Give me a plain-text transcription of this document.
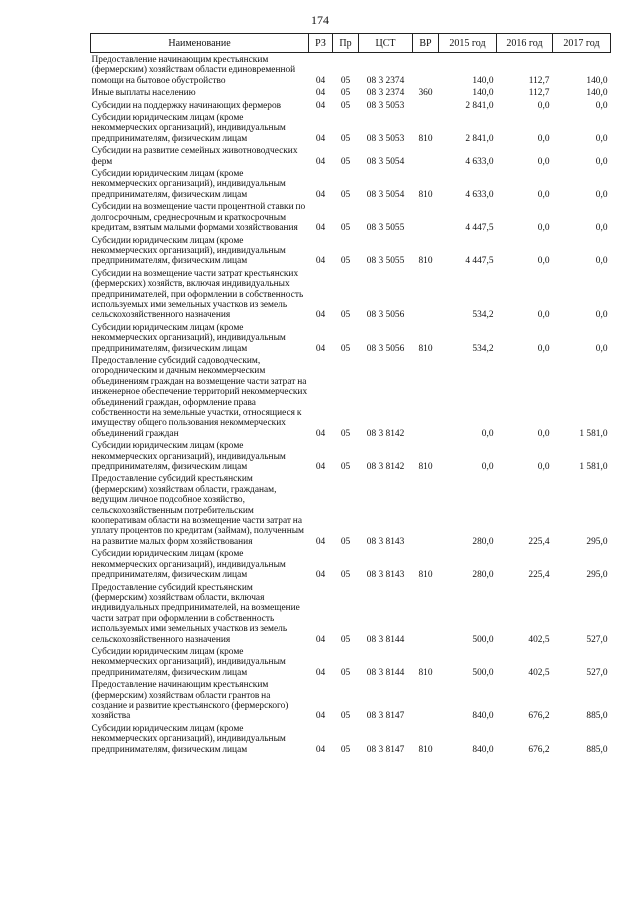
174
Наименование	РЗ	Пр	ЦСТ	ВР	2015 год	2016 год	2017 год
Предоставление начинающим крестьянским (фермерским) хозяйствам области единовременной помощи на бытовое обустройство	04	05	08 3 2374		140,0	112,7	140,0
Иные выплаты населению	04	05	08 3 2374	360	140,0	112,7	140,0
Субсидии на поддержку начинающих фермеров	04	05	08 3 5053		2 841,0	0,0	0,0
Субсидии юридическим лицам (кроме некоммерческих организаций), индивидуальным предпринимателям, физическим лицам	04	05	08 3 5053	810	2 841,0	0,0	0,0
Субсидии на развитие семейных животноводческих ферм	04	05	08 3 5054		4 633,0	0,0	0,0
Субсидии юридическим лицам (кроме некоммерческих организаций), индивидуальным предпринимателям, физическим лицам	04	05	08 3 5054	810	4 633,0	0,0	0,0
Субсидии на возмещение части процентной ставки по долгосрочным, среднесрочным и краткосрочным кредитам, взятым малыми формами хозяйствования	04	05	08 3 5055		4 447,5	0,0	0,0
Субсидии юридическим лицам (кроме некоммерческих организаций), индивидуальным предпринимателям, физическим лицам	04	05	08 3 5055	810	4 447,5	0,0	0,0
Субсидии на возмещение части затрат крестьянских (фермерских) хозяйств, включая индивидуальных предпринимателей, при оформлении в собственность используемых ими земельных участков из земель сельскохозяйственного назначения	04	05	08 3 5056		534,2	0,0	0,0
Субсидии юридическим лицам (кроме некоммерческих организаций), индивидуальным предпринимателям, физическим лицам	04	05	08 3 5056	810	534,2	0,0	0,0
Предоставление субсидий садоводческим, огородническим и дачным некоммерческим объединениям граждан на возмещение части затрат на инженерное обеспечение территорий некоммерческих объединений граждан, оформление права собственности на земельные участки, относящиеся к имуществу общего пользования некоммерческих объединений граждан	04	05	08 3 8142		0,0	0,0	1 581,0
Субсидии юридическим лицам (кроме некоммерческих организаций), индивидуальным предпринимателям, физическим лицам	04	05	08 3 8142	810	0,0	0,0	1 581,0
Предоставление субсидий крестьянским (фермерским) хозяйствам области, гражданам, ведущим личное подсобное хозяйство, сельскохозяйственным потребительским кооперативам области на возмещение части затрат на уплату процентов по кредитам (займам), полученным на развитие малых форм хозяйствования	04	05	08 3 8143		280,0	225,4	295,0
Субсидии юридическим лицам (кроме некоммерческих организаций), индивидуальным предпринимателям, физическим лицам	04	05	08 3 8143	810	280,0	225,4	295,0
Предоставление субсидий крестьянским (фермерским) хозяйствам области, включая индивидуальных предпринимателей, на возмещение части затрат при оформлении в собственность используемых ими земельных участков из земель сельскохозяйственного назначения	04	05	08 3 8144		500,0	402,5	527,0
Субсидии юридическим лицам (кроме некоммерческих организаций), индивидуальным предпринимателям, физическим лицам	04	05	08 3 8144	810	500,0	402,5	527,0
Предоставление начинающим крестьянским (фермерским) хозяйствам области грантов на создание и развитие крестьянского (фермерского) хозяйства	04	05	08 3 8147		840,0	676,2	885,0
Субсидии юридическим лицам (кроме некоммерческих организаций), индивидуальным предпринимателям, физическим лицам	04	05	08 3 8147	810	840,0	676,2	885,0
